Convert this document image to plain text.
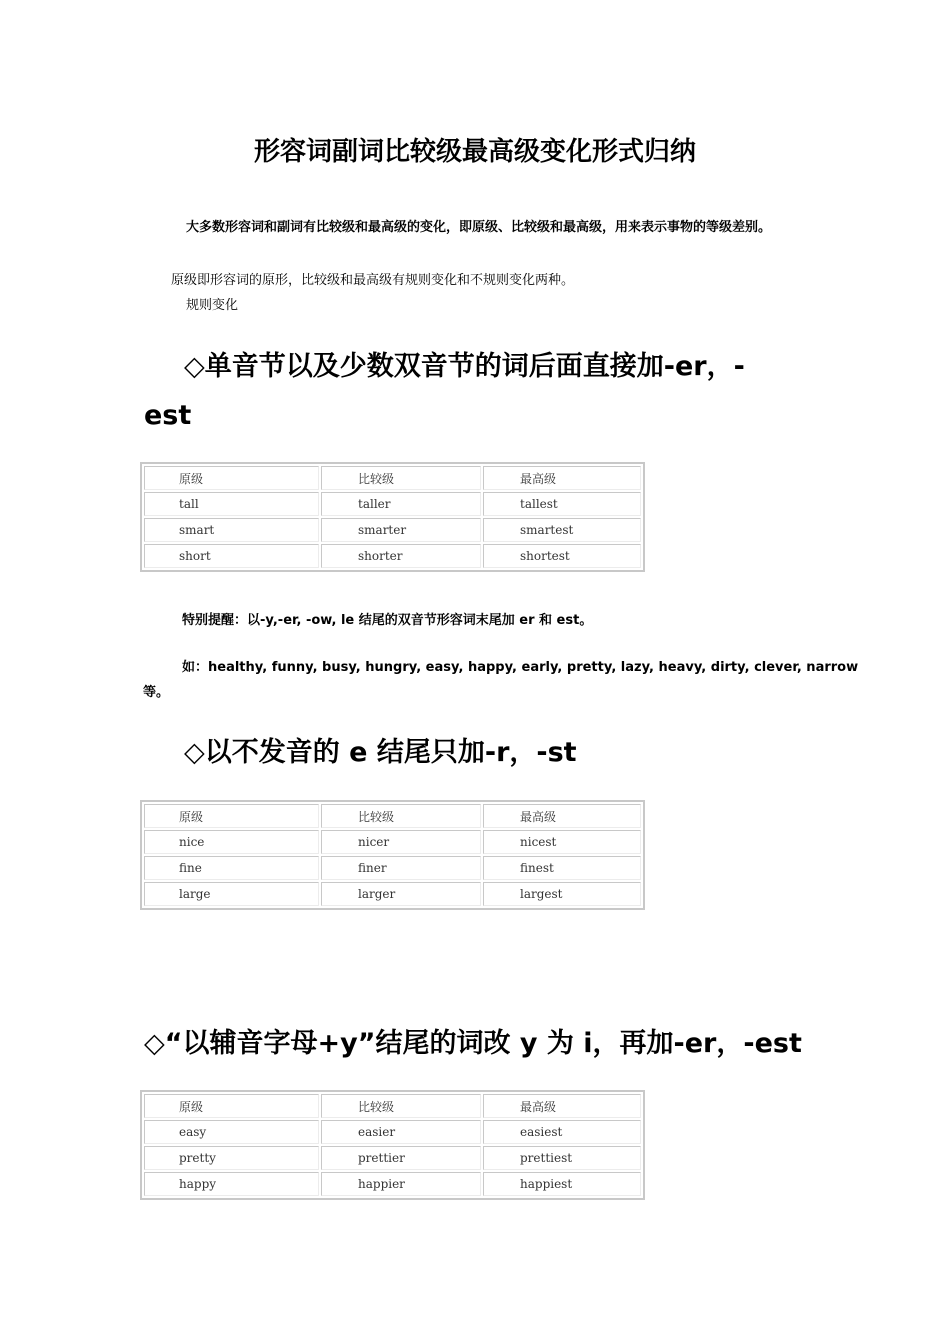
形容词副词比较级最高级变化形式归纳
大多数形容词和副词有比较级和最高级的变化，即原级、比较级和最高级，用来表示事物的等级差别。
原级即形容词的原形，比较级和最高级有规则变化和不规则变化两种。
规则变化
◇单音节以及少数双音节的词后面直接加-er，-
est
原级	比较级	最高级
tall	taller	tallest
smart	smarter	smartest
short	shorter	shortest
特别提醒：以-y,-er, -ow, le 结尾的双音节形容词末尾加 er 和 est。
如：healthy, funny, busy, hungry, easy, happy, early, pretty, lazy, heavy, dirty, clever, narrow
等。
◇以不发音的 e 结尾只加-r，-st
原级	比较级	最高级
nice	nicer	nicest
fine	finer	finest
large	larger	largest
◇“以辅音字母+y”结尾的词改 y 为 i，再加-er，-est
原级	比较级	最高级
easy	easier	easiest
pretty	prettier	prettiest
happy	happier	happiest
